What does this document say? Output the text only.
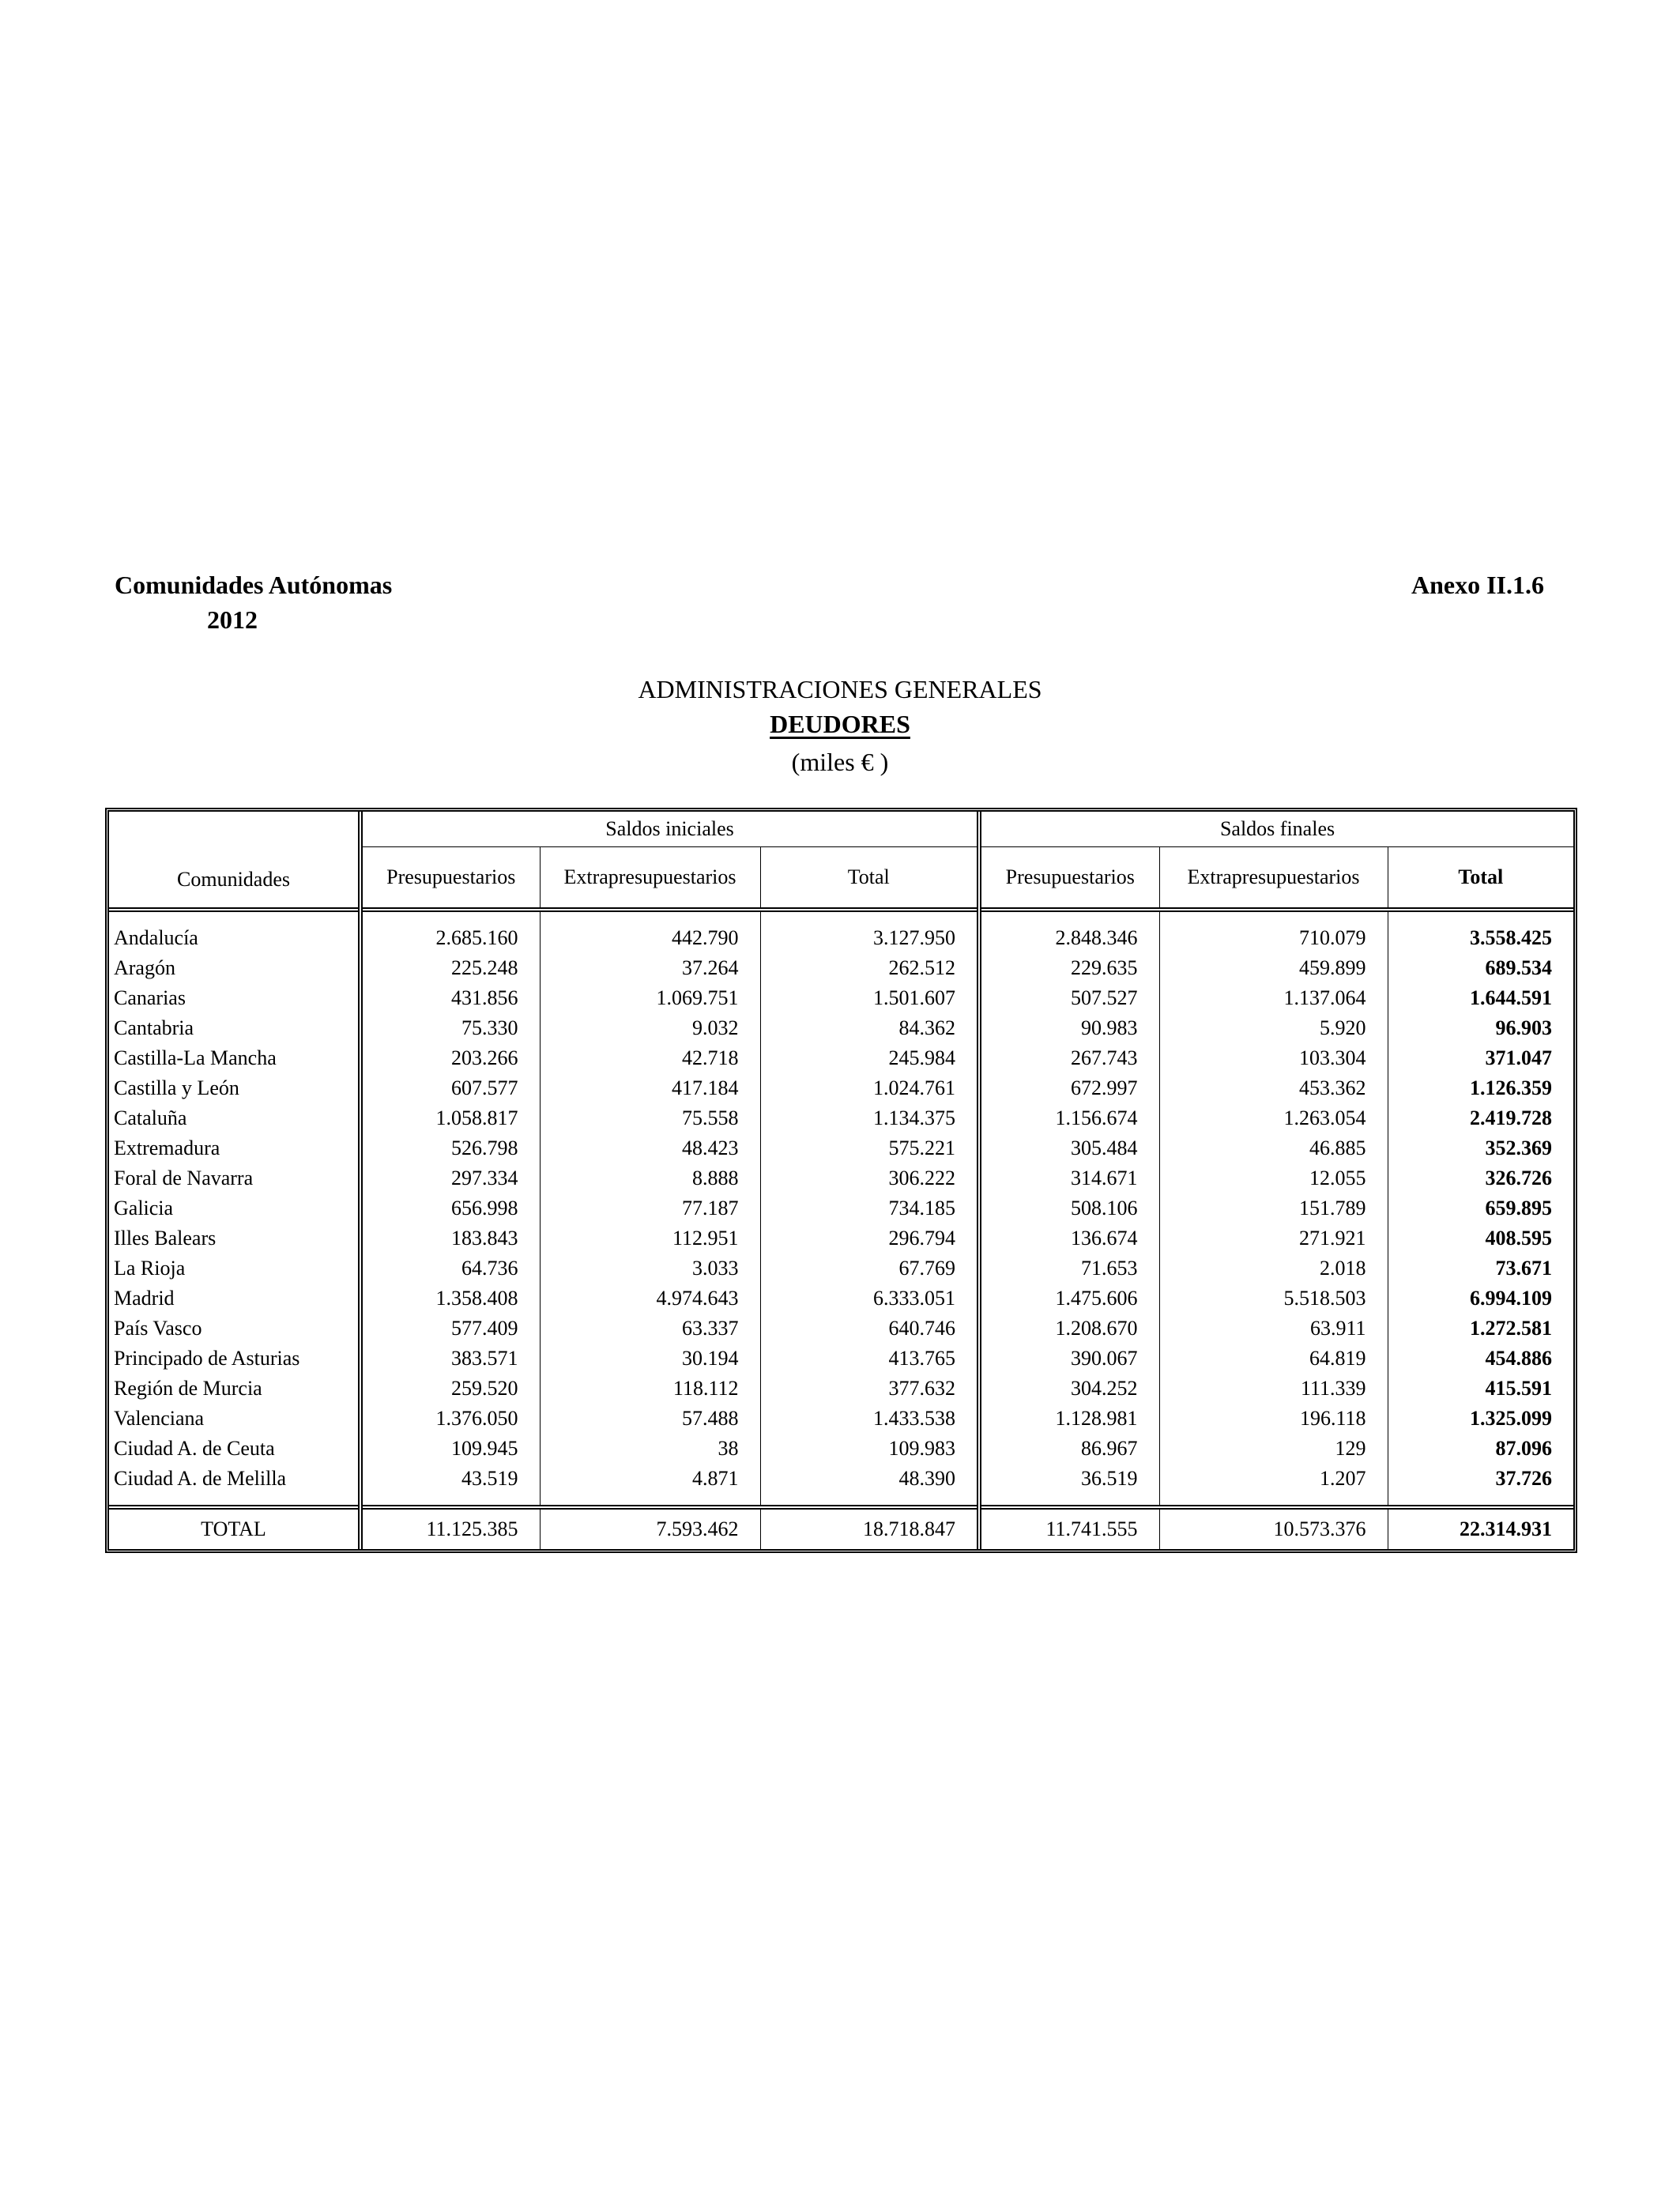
Comunidades Autónomas
2012
Anexo II.1.6
ADMINISTRACIONES GENERALES
DEUDORES
(miles € )
Comunidades	Saldos iniciales			Saldos finales		
	Presupuestarios	Extrapresupuestarios	Total	Presupuestarios	Extrapresupuestarios	Total

Andalucía	2.685.160	442.790	3.127.950	2.848.346	710.079	3.558.425
Aragón	225.248	37.264	262.512	229.635	459.899	689.534
Canarias	431.856	1.069.751	1.501.607	507.527	1.137.064	1.644.591
Cantabria	75.330	9.032	84.362	90.983	5.920	96.903
Castilla-La Mancha	203.266	42.718	245.984	267.743	103.304	371.047
Castilla y León	607.577	417.184	1.024.761	672.997	453.362	1.126.359
Cataluña	1.058.817	75.558	1.134.375	1.156.674	1.263.054	2.419.728
Extremadura	526.798	48.423	575.221	305.484	46.885	352.369
Foral de Navarra	297.334	8.888	306.222	314.671	12.055	326.726
Galicia	656.998	77.187	734.185	508.106	151.789	659.895
Illes Balears	183.843	112.951	296.794	136.674	271.921	408.595
La Rioja	64.736	3.033	67.769	71.653	2.018	73.671
Madrid	1.358.408	4.974.643	6.333.051	1.475.606	5.518.503	6.994.109
País Vasco	577.409	63.337	640.746	1.208.670	63.911	1.272.581
Principado de Asturias	383.571	30.194	413.765	390.067	64.819	454.886
Región de Murcia	259.520	118.112	377.632	304.252	111.339	415.591
Valenciana	1.376.050	57.488	1.433.538	1.128.981	196.118	1.325.099
Ciudad A. de Ceuta	109.945	38	109.983	86.967	129	87.096
Ciudad A. de Melilla	43.519	4.871	48.390	36.519	1.207	37.726

TOTAL	11.125.385	7.593.462	18.718.847	11.741.555	10.573.376	22.314.931
